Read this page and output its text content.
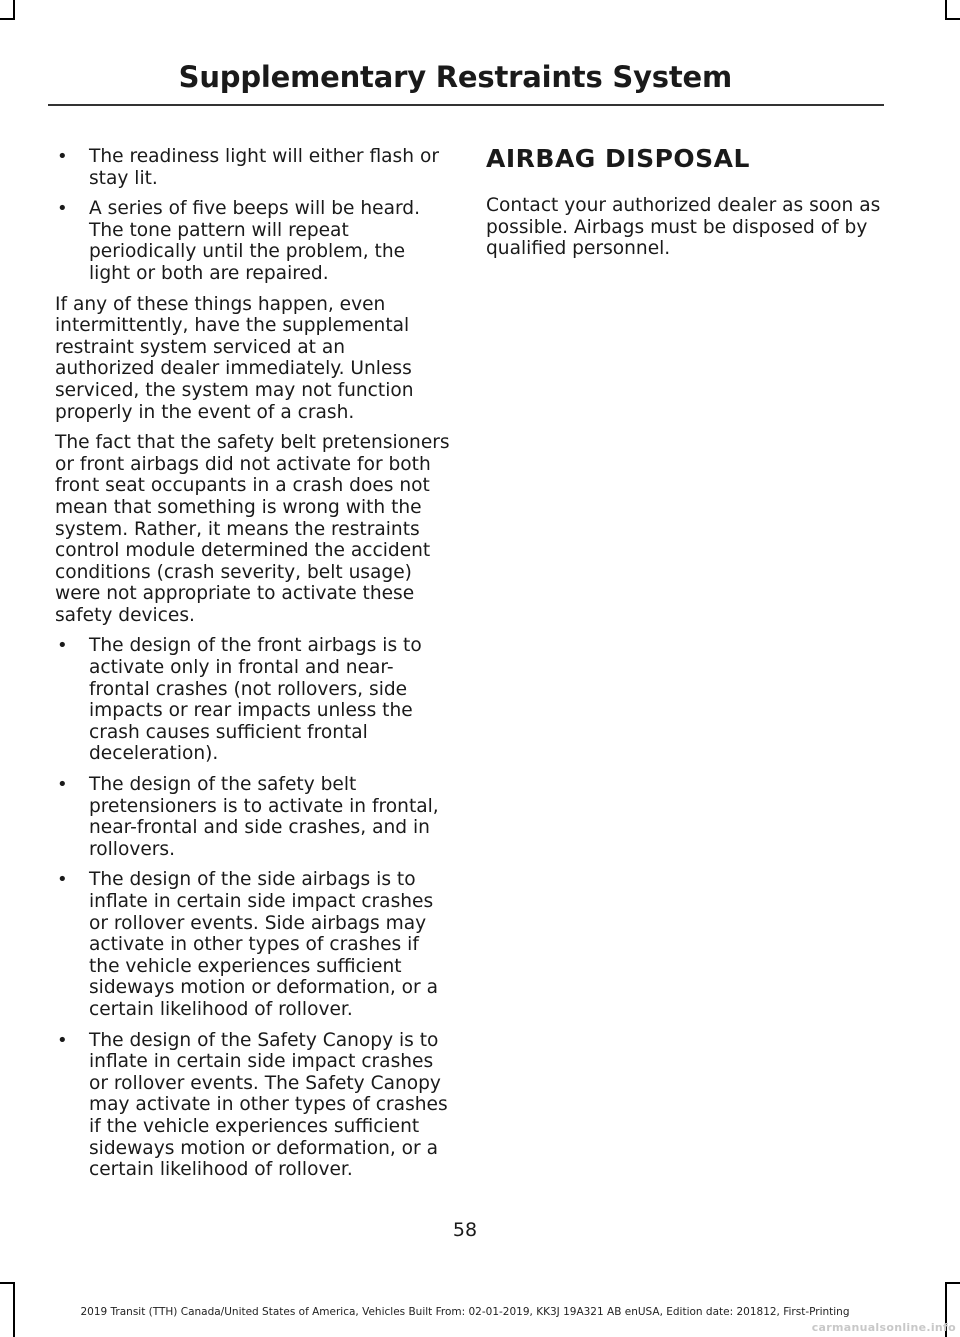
Supplementary Restraints System
• The readiness light will either flash or stay lit.
• A series of five beeps will be heard. The tone pattern will repeat periodically until the problem, the light or both are repaired.

If any of these things happen, even intermittently, have the supplemental restraint system serviced at an authorized dealer immediately. Unless serviced, the system may not function properly in the event of a crash.

The fact that the safety belt pretensioners or front airbags did not activate for both front seat occupants in a crash does not mean that something is wrong with the system. Rather, it means the restraints control module determined the accident conditions (crash severity, belt usage) were not appropriate to activate these safety devices.

• The design of the front airbags is to activate only in frontal and near-frontal crashes (not rollovers, side impacts or rear impacts unless the crash causes sufficient frontal deceleration).
• The design of the safety belt pretensioners is to activate in frontal, near-frontal and side crashes, and in rollovers.
• The design of the side airbags is to inflate in certain side impact crashes or rollover events. Side airbags may activate in other types of crashes if the vehicle experiences sufficient sideways motion or deformation, or a certain likelihood of rollover.
• The design of the Safety Canopy is to inflate in certain side impact crashes or rollover events. The Safety Canopy may activate in other types of crashes if the vehicle experiences sufficient sideways motion or deformation, or a certain likelihood of rollover.
AIRBAG DISPOSAL

Contact your authorized dealer as soon as possible. Airbags must be disposed of by qualified personnel.

58
2019 Transit (TTH) Canada/United States of America, Vehicles Built From: 02-01-2019, KK3J 19A321 AB enUSA, Edition date: 201812, First-Printing
carmanualsonline.info
